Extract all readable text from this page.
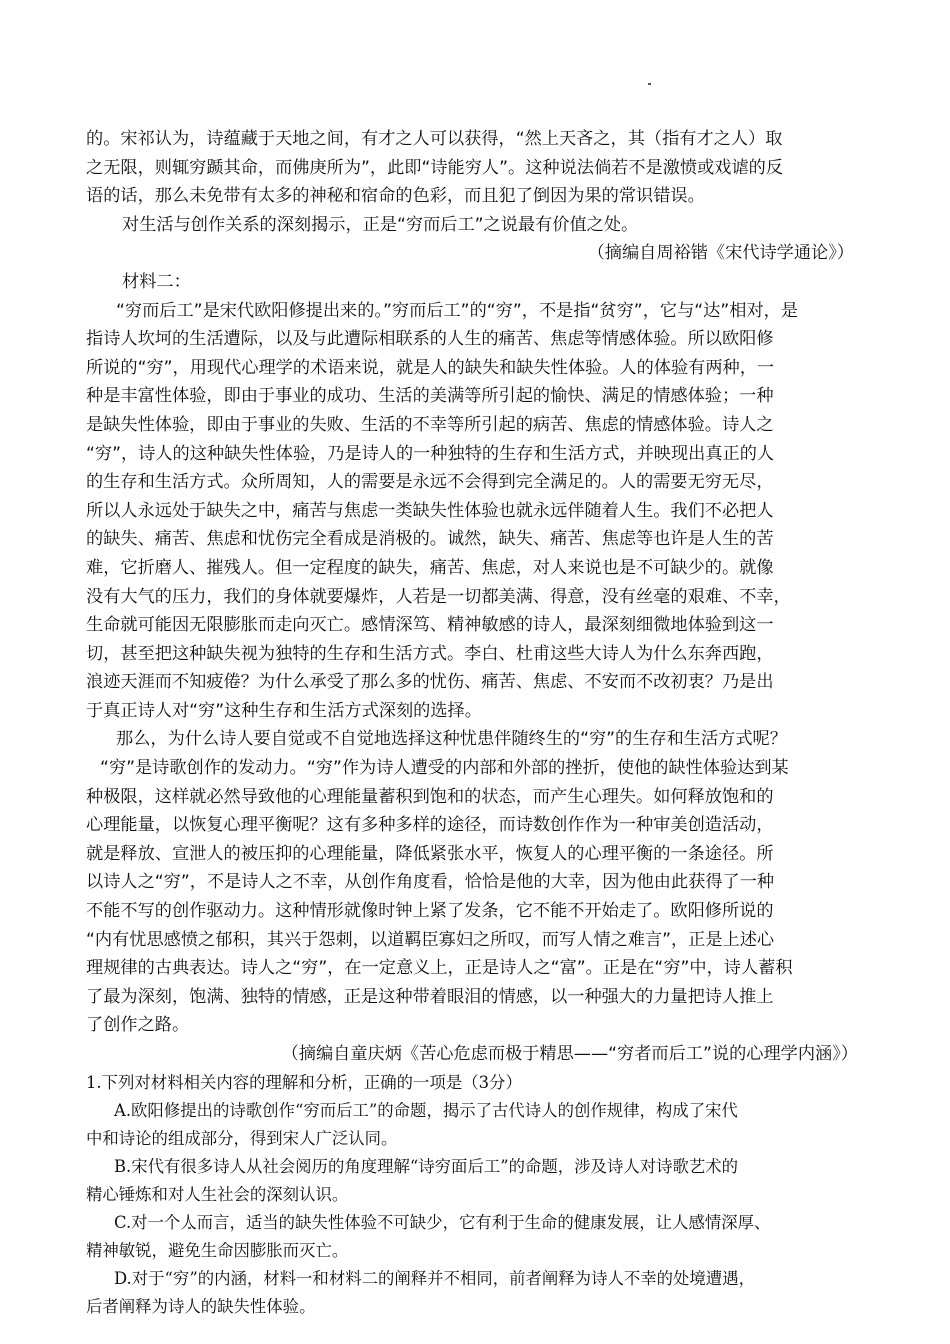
的。宋祁认为，诗蕴藏于天地之间，有才之人可以获得，“然上天吝之，其（指有才之人）取
之无限，则辄穷踬其命，而佛庚所为”，此即“诗能穷人”。这种说法倘若不是激愤或戏谑的反
语的话，那么未免带有太多的神秘和宿命的色彩，而且犯了倒因为果的常识错误。
对生活与创作关系的深刻揭示，正是“穷而后工”之说最有价值之处。
（摘编自周裕锴《宋代诗学通论》）
材料二：
“穷而后工”是宋代欧阳修提出来的。”穷而后工”的“穷”，不是指“贫穷”，它与“达”相对，是
指诗人坎坷的生活遭际，以及与此遭际相联系的人生的痛苦、焦虑等情感体验。所以欧阳修
所说的“穷”，用现代心理学的术语来说，就是人的缺失和缺失性体验。人的体验有两种，一
种是丰富性体验，即由于事业的成功、生活的美满等所引起的愉快、满足的情感体验；一种
是缺失性体验，即由于事业的失败、生活的不幸等所引起的病苦、焦虑的情感体验。诗人之
“穷”，诗人的这种缺失性体验，乃是诗人的一种独特的生存和生活方式，并映现出真正的人
的生存和生活方式。众所周知，人的需要是永远不会得到完全满足的。人的需要无穷无尽，
所以人永远处于缺失之中，痛苦与焦虑一类缺失性体验也就永远伴随着人生。我们不必把人
的缺失、痛苦、焦虑和忧伤完全看成是消极的。诚然，缺失、痛苦、焦虑等也许是人生的苦
难，它折磨人、摧残人。但一定程度的缺失，痛苦、焦虑，对人来说也是不可缺少的。就像
没有大气的压力，我们的身体就要爆炸，人若是一切都美满、得意，没有丝毫的艰难、不幸，
生命就可能因无限膨胀而走向灭亡。感情深笃、精神敏感的诗人，最深刻细微地体验到这一
切，甚至把这种缺失视为独特的生存和生活方式。李白、杜甫这些大诗人为什么东奔西跑，
浪迹天涯而不知疲倦？为什么承受了那么多的忧伤、痛苦、焦虑、不安而不改初衷？乃是出
于真正诗人对“穷”这种生存和生活方式深刻的选择。
那么，为什么诗人要自觉或不自觉地选择这种忧患伴随终生的“穷”的生存和生活方式呢？
“穷”是诗歌创作的发动力。“穷”作为诗人遭受的内部和外部的挫折，使他的缺性体验达到某
种极限，这样就必然导致他的心理能量蓄积到饱和的状态，而产生心理失。如何释放饱和的
心理能量，以恢复心理平衡呢？这有多种多样的途径，而诗数创作作为一种审美创造活动，
就是释放、宣泄人的被压抑的心理能量，降低紧张水平，恢复人的心理平衡的一条途径。所
以诗人之“穷”，不是诗人之不幸，从创作角度看，恰恰是他的大幸，因为他由此获得了一种
不能不写的创作驱动力。这种情形就像时钟上紧了发条，它不能不开始走了。欧阳修所说的
“内有忧思感愤之郁积，其兴于怨刺，以道羁臣寡妇之所叹，而写人情之难言”，正是上述心
理规律的古典表达。诗人之“穷”，在一定意义上，正是诗人之“富”。正是在“穷”中，诗人蓄积
了最为深刻，饱满、独特的情感，正是这种带着眼泪的情感，以一种强大的力量把诗人推上
了创作之路。
（摘编自童庆炳《苦心危虑而极于精思——“穷者而后工”说的心理学内涵》）
1.下列对材料相关内容的理解和分析，正确的一项是（3分）
A.欧阳修提出的诗歌创作“穷而后工”的命题，揭示了古代诗人的创作规律，构成了宋代
中和诗论的组成部分，得到宋人广泛认同。
B.宋代有很多诗人从社会阅历的角度理解“诗穷面后工”的命题，涉及诗人对诗歌艺术的
精心锤炼和对人生社会的深刻认识。
C.对一个人而言，适当的缺失性体验不可缺少，它有利于生命的健康发展，让人感情深厚、
精神敏锐，避免生命因膨胀而灭亡。
D.对于“穷”的内涵，材料一和材料二的阐释并不相同，前者阐释为诗人不幸的处境遭遇，
后者阐释为诗人的缺失性体验。
